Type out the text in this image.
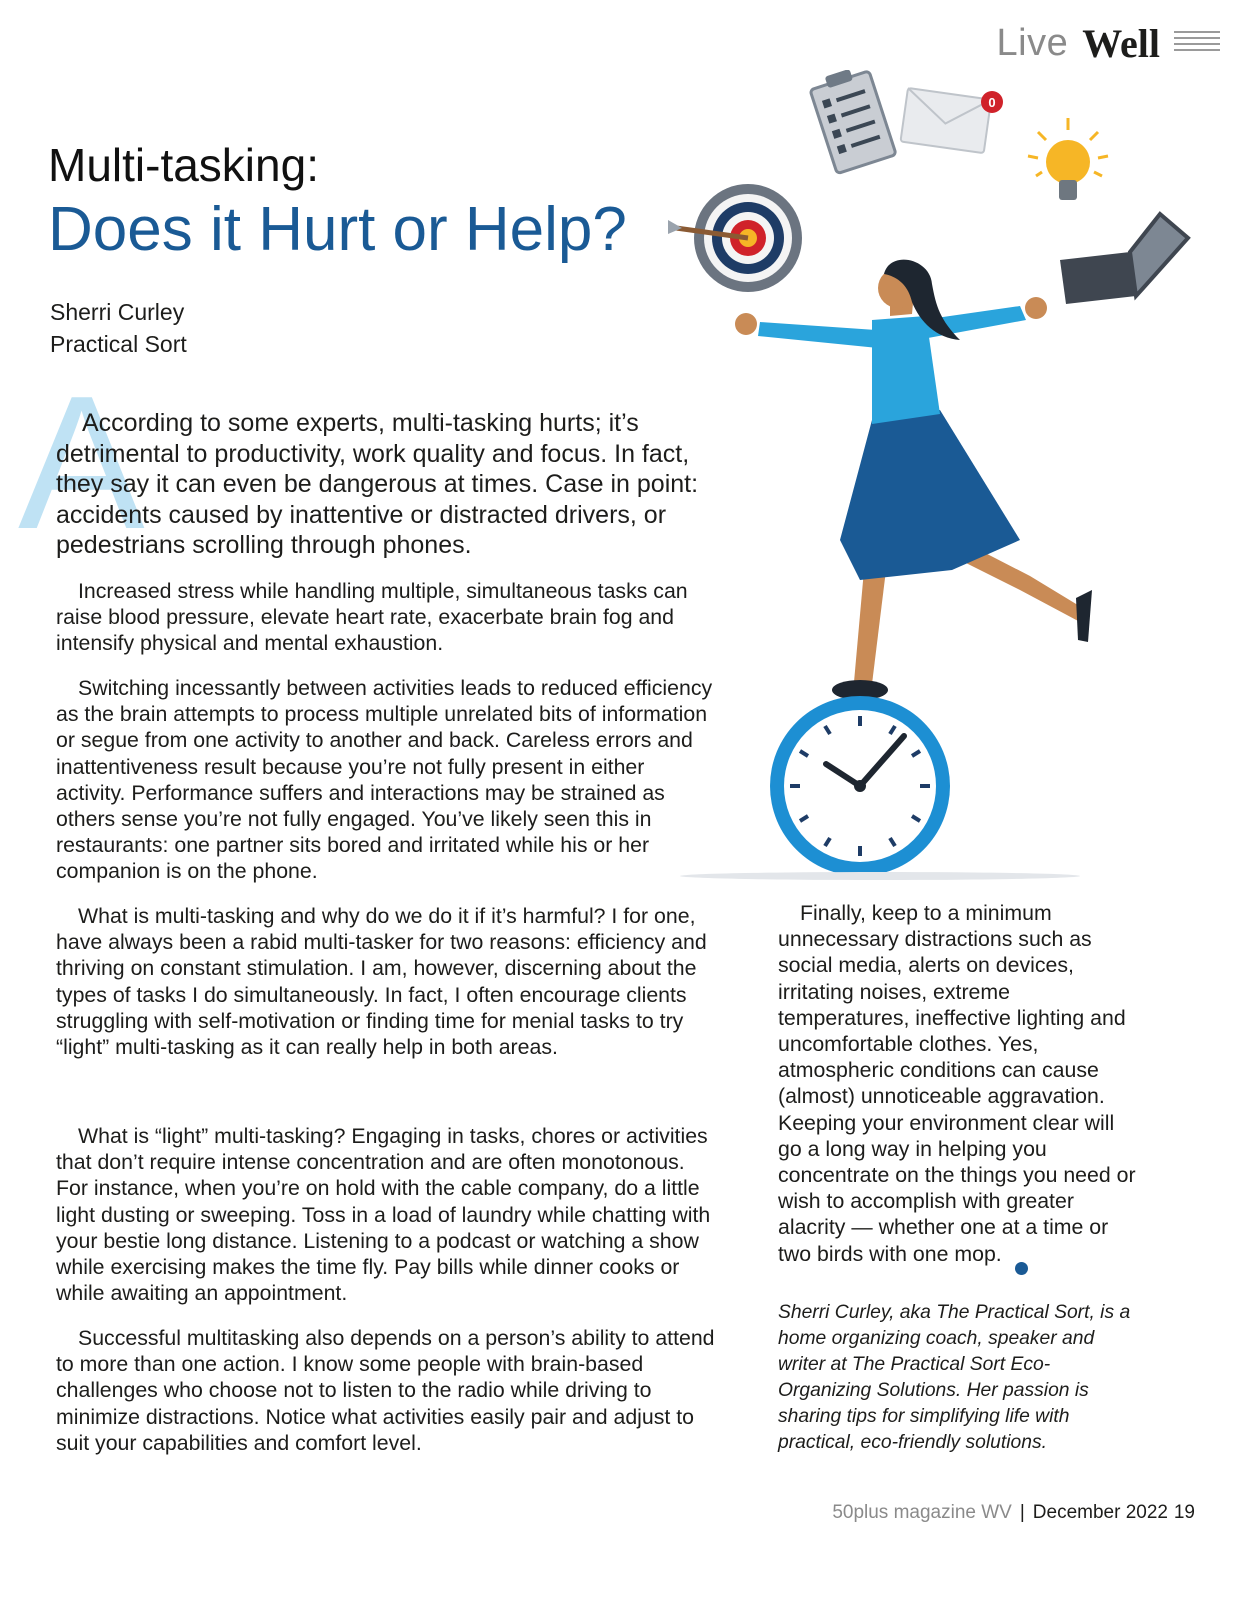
Live Well
Multi-tasking:
Does it Hurt or Help?
Sherri Curley
Practical Sort
A

According to some experts, multi-tasking hurts; it’s detrimental to productivity, work quality and focus. In fact, they say it can even be dangerous at times. Case in point: accidents caused by inattentive or distracted drivers, or pedestrians scrolling through phones.

Increased stress while handling multiple, simultaneous tasks can raise blood pressure, elevate heart rate, exacerbate brain fog and intensify physical and mental exhaustion.

Switching incessantly between activities leads to reduced efficiency as the brain attempts to process multiple unrelated bits of information or segue from one activity to another and back. Careless errors and inattentiveness result because you’re not fully present in either activity. Performance suffers and interactions may be strained as others sense you’re not fully engaged. You’ve likely seen this in restaurants: one partner sits bored and irritated while his or her companion is on the phone.

What is multi-tasking and why do we do it if it’s harmful? I for one, have always been a rabid multi-tasker for two reasons: efficiency and thriving on constant stimulation. I am, however, discerning about the types of tasks I do simultaneously. In fact, I often encourage clients struggling with self-motivation or finding time for menial tasks to try “light” multi-tasking as it can really help in both areas.

What is “light” multi-tasking? Engaging in tasks, chores or activities that don’t require intense concentration and are often monotonous. For instance, when you’re on hold with the cable company, do a little light dusting or sweeping. Toss in a load of laundry while chatting with your bestie long distance. Listening to a podcast or watching a show while exercising makes the time fly. Pay bills while dinner cooks or while awaiting an appointment.

Successful multitasking also depends on a person’s ability to attend to more than one action. I know some people with brain-based challenges who choose not to listen to the radio while driving to minimize distractions. Notice what activities easily pair and adjust to suit your capabilities and comfort level.

Finally, keep to a minimum unnecessary distractions such as social media, alerts on devices, irritating noises, extreme temperatures, ineffective lighting and uncomfortable clothes. Yes, atmospheric conditions can cause (almost) unnoticeable aggravation. Keeping your environment clear will go a long way in helping you concentrate on the things you need or wish to accomplish with greater alacrity — whether one at a time or two birds with one mop.

Sherri Curley, aka The Practical Sort, is a home organizing coach, speaker and writer at The Practical Sort Eco-Organizing Solutions. Her passion is sharing tips for simplifying life with practical, eco-friendly solutions.
0
50plus magazine WV | December 2022 19
